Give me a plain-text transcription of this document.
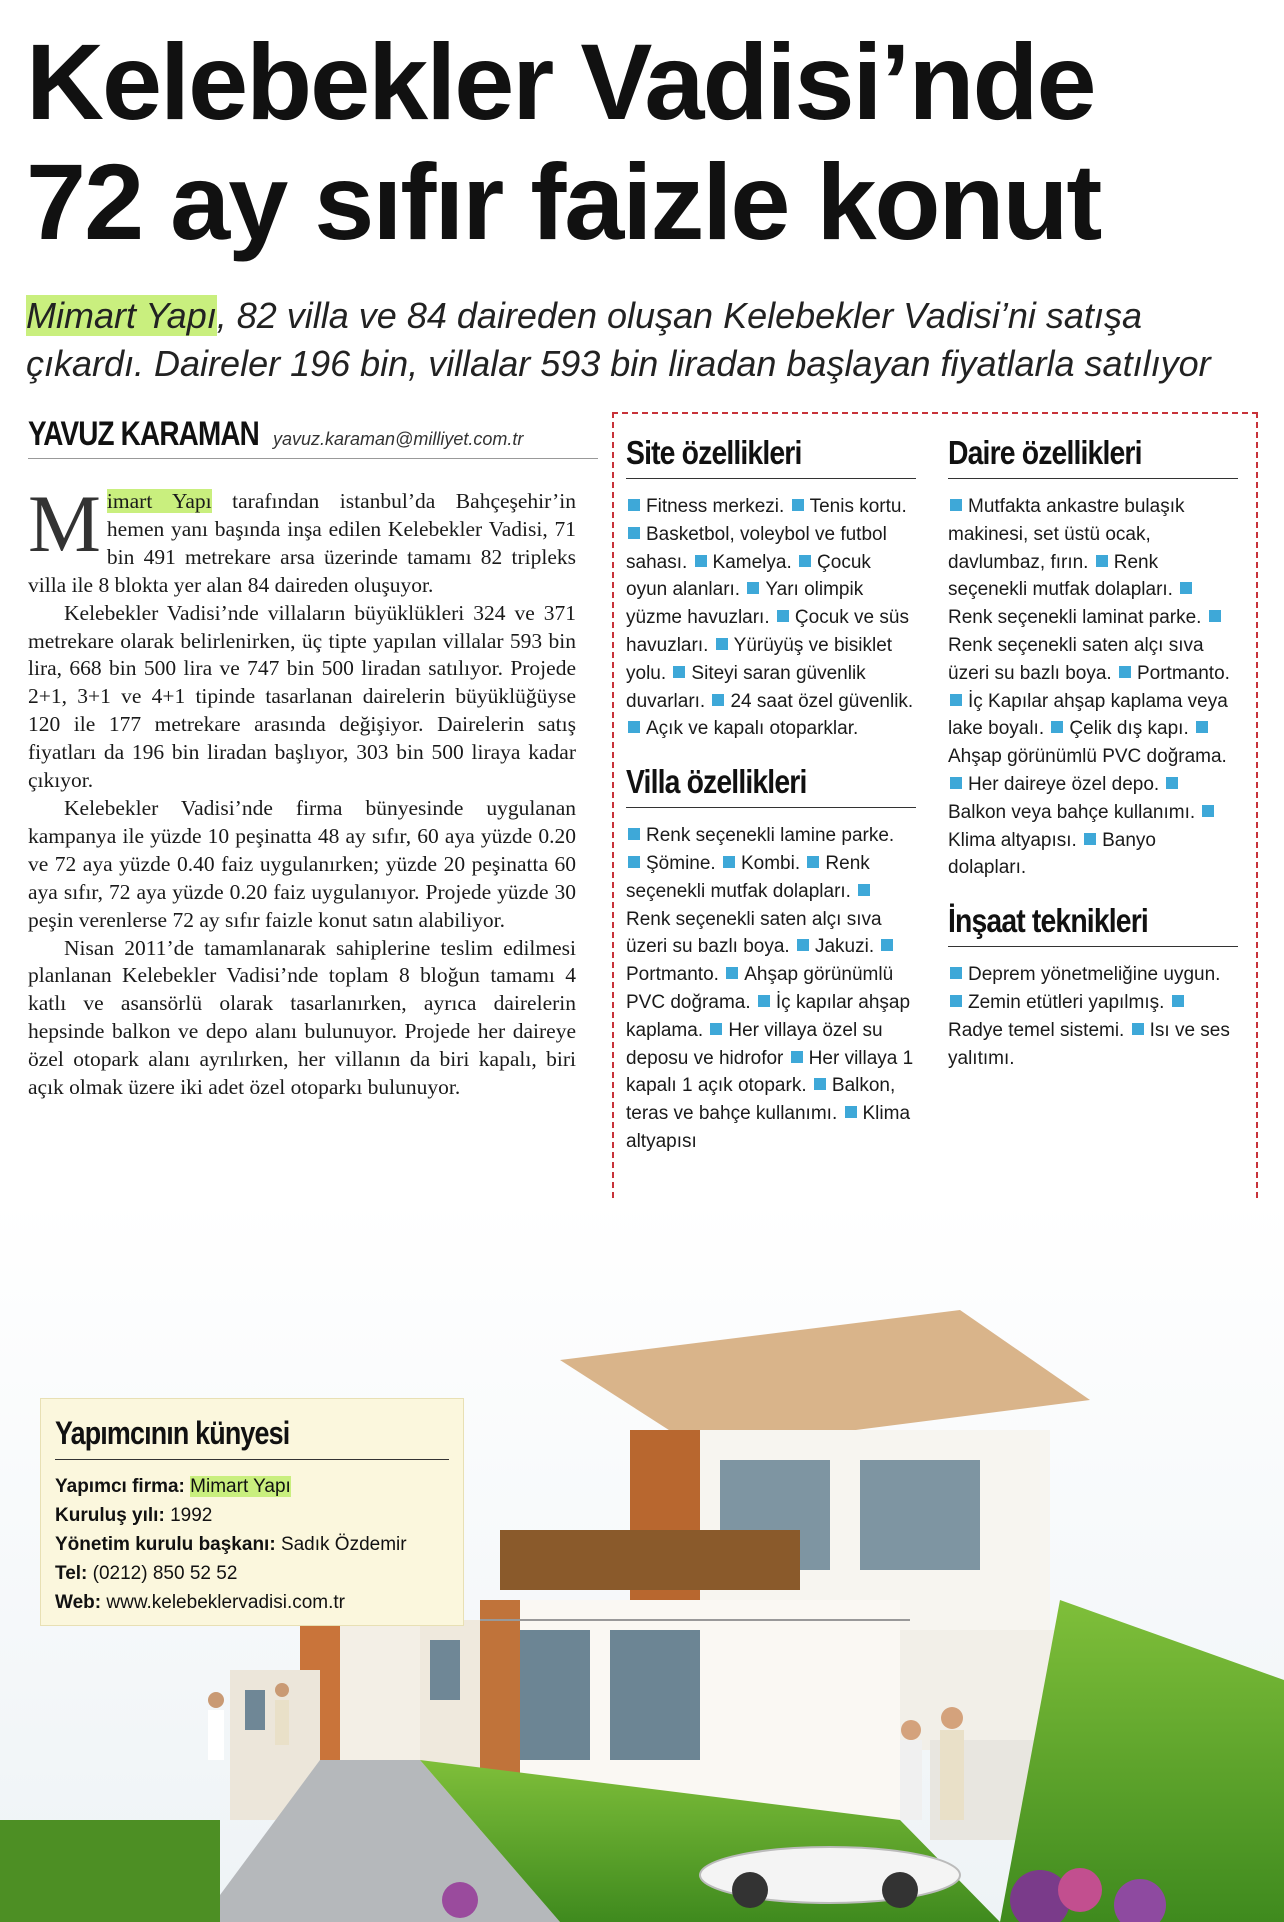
Kelebekler Vadisi’nde
72 ay sıfır faizle konut

Mimart Yapı, 82 villa ve 84 daireden oluşan Kelebekler Vadisi’ni satışa çıkardı. Daireler 196 bin, villalar 593 bin liradan başlayan fiyatlarla satılıyor

YAVUZ KARAMAN yavuz.karaman@milliyet.com.tr

Mimart Yapı tarafından istanbul’da Bahçeşehir’in hemen yanı başında inşa edilen Kelebekler Vadisi, 71 bin 491 metrekare arsa üzerinde tamamı 82 tripleks villa ile 8 blokta yer alan 84 daireden oluşuyor.

Kelebekler Vadisi’nde villaların büyüklükleri 324 ve 371 metrekare olarak belirlenirken, üç tipte yapılan villalar 593 bin lira, 668 bin 500 lira ve 747 bin 500 liradan satılıyor. Projede 2+1, 3+1 ve 4+1 tipinde tasarlanan dairelerin büyüklüğüyse 120 ile 177 metrekare arasında değişiyor. Dairelerin satış fiyatları da 196 bin liradan başlıyor, 303 bin 500 liraya kadar çıkıyor.

Kelebekler Vadisi’nde firma bünyesinde uygulanan kampanya ile yüzde 10 peşinatta 48 ay sıfır, 60 aya yüzde 0.20 ve 72 aya yüzde 0.40 faiz uygulanırken; yüzde 20 peşinatta 60 aya sıfır, 72 aya yüzde 0.20 faiz uygulanıyor. Projede yüzde 30 peşin verenlerse 72 ay sıfır faizle konut satın alabiliyor.

Nisan 2011’de tamamlanarak sahiplerine teslim edilmesi planlanan Kelebekler Vadisi’nde toplam 8 bloğun tamamı 4 katlı ve asansörlü olarak tasarlanırken, ayrıca dairelerin hepsinde balkon ve depo alanı bulunuyor. Projede her daireye özel otopark alanı ayrılırken, her villanın da biri kapalı, biri açık olmak üzere iki adet özel otoparkı bulunuyor.

Site özellikleri
Fitness merkezi. Tenis kortu. Basketbol, voleybol ve futbol sahası. Kamelya. Çocuk oyun alanları. Yarı olimpik yüzme havuzları. Çocuk ve süs havuzları. Yürüyüş ve bisiklet yolu. Siteyi saran güvenlik duvarları. 24 saat özel güvenlik. Açık ve kapalı otoparklar.
Villa özellikleri
Renk seçenekli lamine parke. Şömine. Kombi. Renk seçenekli mutfak dolapları. Renk seçenekli saten alçı sıva üzeri su bazlı boya. Jakuzi. Portmanto. Ahşap görünümlü PVC doğrama. İç kapılar ahşap kaplama. Her villaya özel su deposu ve hidrofor Her villaya 1 kapalı 1 açık otopark. Balkon, teras ve bahçe kullanımı. Klima altyapısı
Daire özellikleri
Mutfakta ankastre bulaşık makinesi, set üstü ocak, davlumbaz, fırın. Renk seçenekli mutfak dolapları. Renk seçenekli laminat parke. Renk seçenekli saten alçı sıva üzeri su bazlı boya. Portmanto. İç Kapılar ahşap kaplama veya lake boyalı. Çelik dış kapı. Ahşap görünümlü PVC doğrama. Her daireye özel depo. Balkon veya bahçe kullanımı. Klima altyapısı. Banyo dolapları.
İnşaat teknikleri
Deprem yönetmeliğine uygun. Zemin etütleri yapılmış. Radye temel sistemi. Isı ve ses yalıtımı.
Yapımcının künyesi
Yapımcı firma: Mimart Yapı
Kuruluş yılı: 1992
Yönetim kurulu başkanı: Sadık Özdemir
Tel: (0212) 850 52 52
Web: www.kelebeklervadisi.com.tr
